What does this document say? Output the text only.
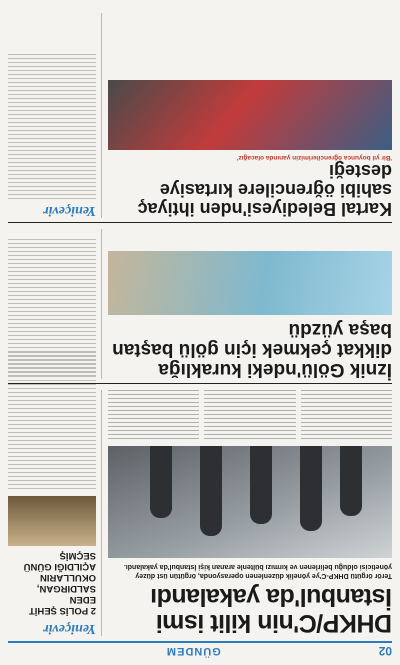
02
GÜNDEM
DHKP/C'nin kilit ismi İstanbul'da yakalandı
Terör örgütü DHKP-C'ye yönelik düzenlenen operasyonda, örgütün üst düzey yöneticisi olduğu belirlenen ve kırmızı bültenle aranan kişi İstanbul'da yakalandı.
Yeniçevir
2 POLİS ŞEHİT EDEN SALDIRGAN, OKULLARIN AÇILDIĞI GÜNÜ SEÇMİŞ
İznik Gölü'ndeki kuraklığa dikkat çekmek için gölü baştan başa yüzdü
Kartal Belediyesi'nden ihtiyaç sahibi öğrencilere kırtasiye desteği
'Bir yıl boyunca öğrencilerimizin yanında olacağız'
Yeniçevir
